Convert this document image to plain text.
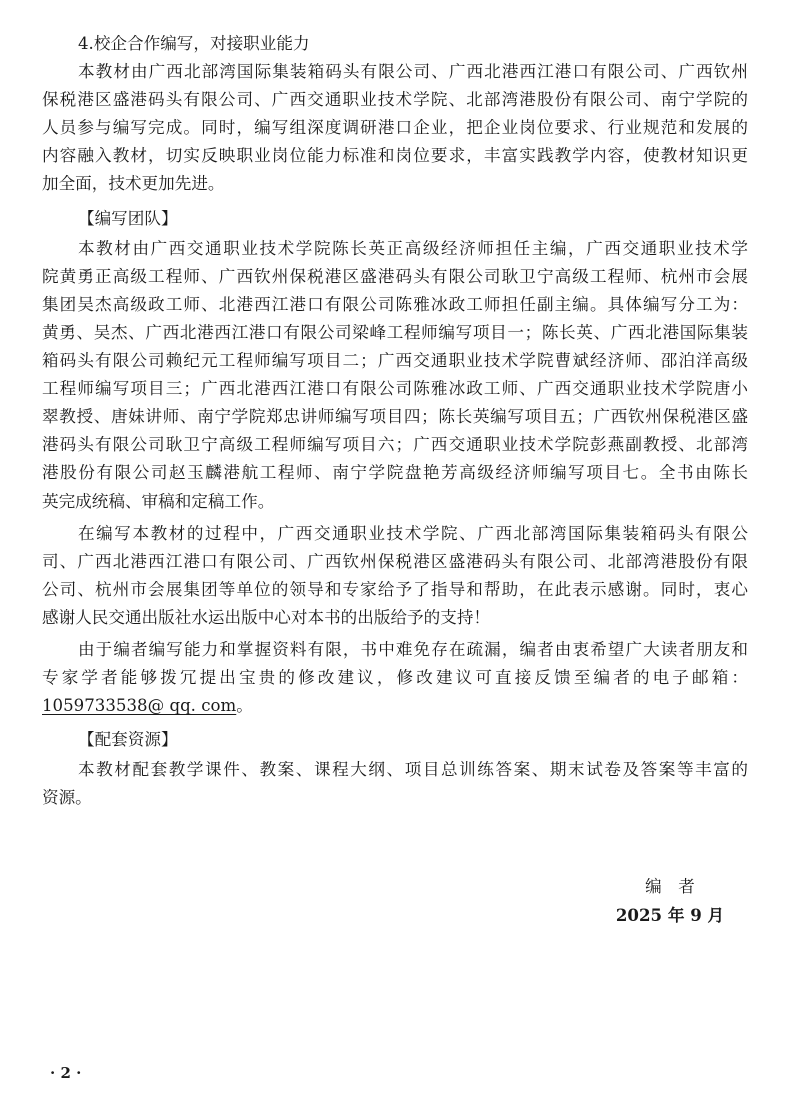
4.校企合作编写，对接职业能力
本教材由广西北部湾国际集装箱码头有限公司、广西北港西江港口有限公司、广西钦州
保税港区盛港码头有限公司、广西交通职业技术学院、北部湾港股份有限公司、南宁学院的
人员参与编写完成。同时，编写组深度调研港口企业，把企业岗位要求、行业规范和发展的
内容融入教材，切实反映职业岗位能力标准和岗位要求，丰富实践教学内容，使教材知识更
加全面，技术更加先进。
【编写团队】
本教材由广西交通职业技术学院陈长英正高级经济师担任主编，广西交通职业技术学
院黄勇正高级工程师、广西钦州保税港区盛港码头有限公司耿卫宁高级工程师、杭州市会展
集团吴杰高级政工师、北港西江港口有限公司陈雅冰政工师担任副主编。具体编写分工为：
黄勇、吴杰、广西北港西江港口有限公司梁峰工程师编写项目一；陈长英、广西北港国际集装
箱码头有限公司赖纪元工程师编写项目二；广西交通职业技术学院曹斌经济师、邵泊洋高级
工程师编写项目三；广西北港西江港口有限公司陈雅冰政工师、广西交通职业技术学院唐小
翠教授、唐妹讲师、南宁学院郑忠讲师编写项目四；陈长英编写项目五；广西钦州保税港区盛
港码头有限公司耿卫宁高级工程师编写项目六；广西交通职业技术学院彭燕副教授、北部湾
港股份有限公司赵玉麟港航工程师、南宁学院盘艳芳高级经济师编写项目七。全书由陈长
英完成统稿、审稿和定稿工作。
在编写本教材的过程中，广西交通职业技术学院、广西北部湾国际集装箱码头有限公
司、广西北港西江港口有限公司、广西钦州保税港区盛港码头有限公司、北部湾港股份有限
公司、杭州市会展集团等单位的领导和专家给予了指导和帮助，在此表示感谢。同时，衷心
感谢人民交通出版社水运出版中心对本书的出版给予的支持！
由于编者编写能力和掌握资料有限，书中难免存在疏漏，编者由衷希望广大读者朋友和
专家学者能够拨冗提出宝贵的修改建议，修改建议可直接反馈至编者的电子邮箱：
1059733538@ qq. com。
【配套资源】
本教材配套教学课件、教案、课程大纲、项目总训练答案、期末试卷及答案等丰富的
资源。
编　者
2025 年 9 月
· 2 ·
